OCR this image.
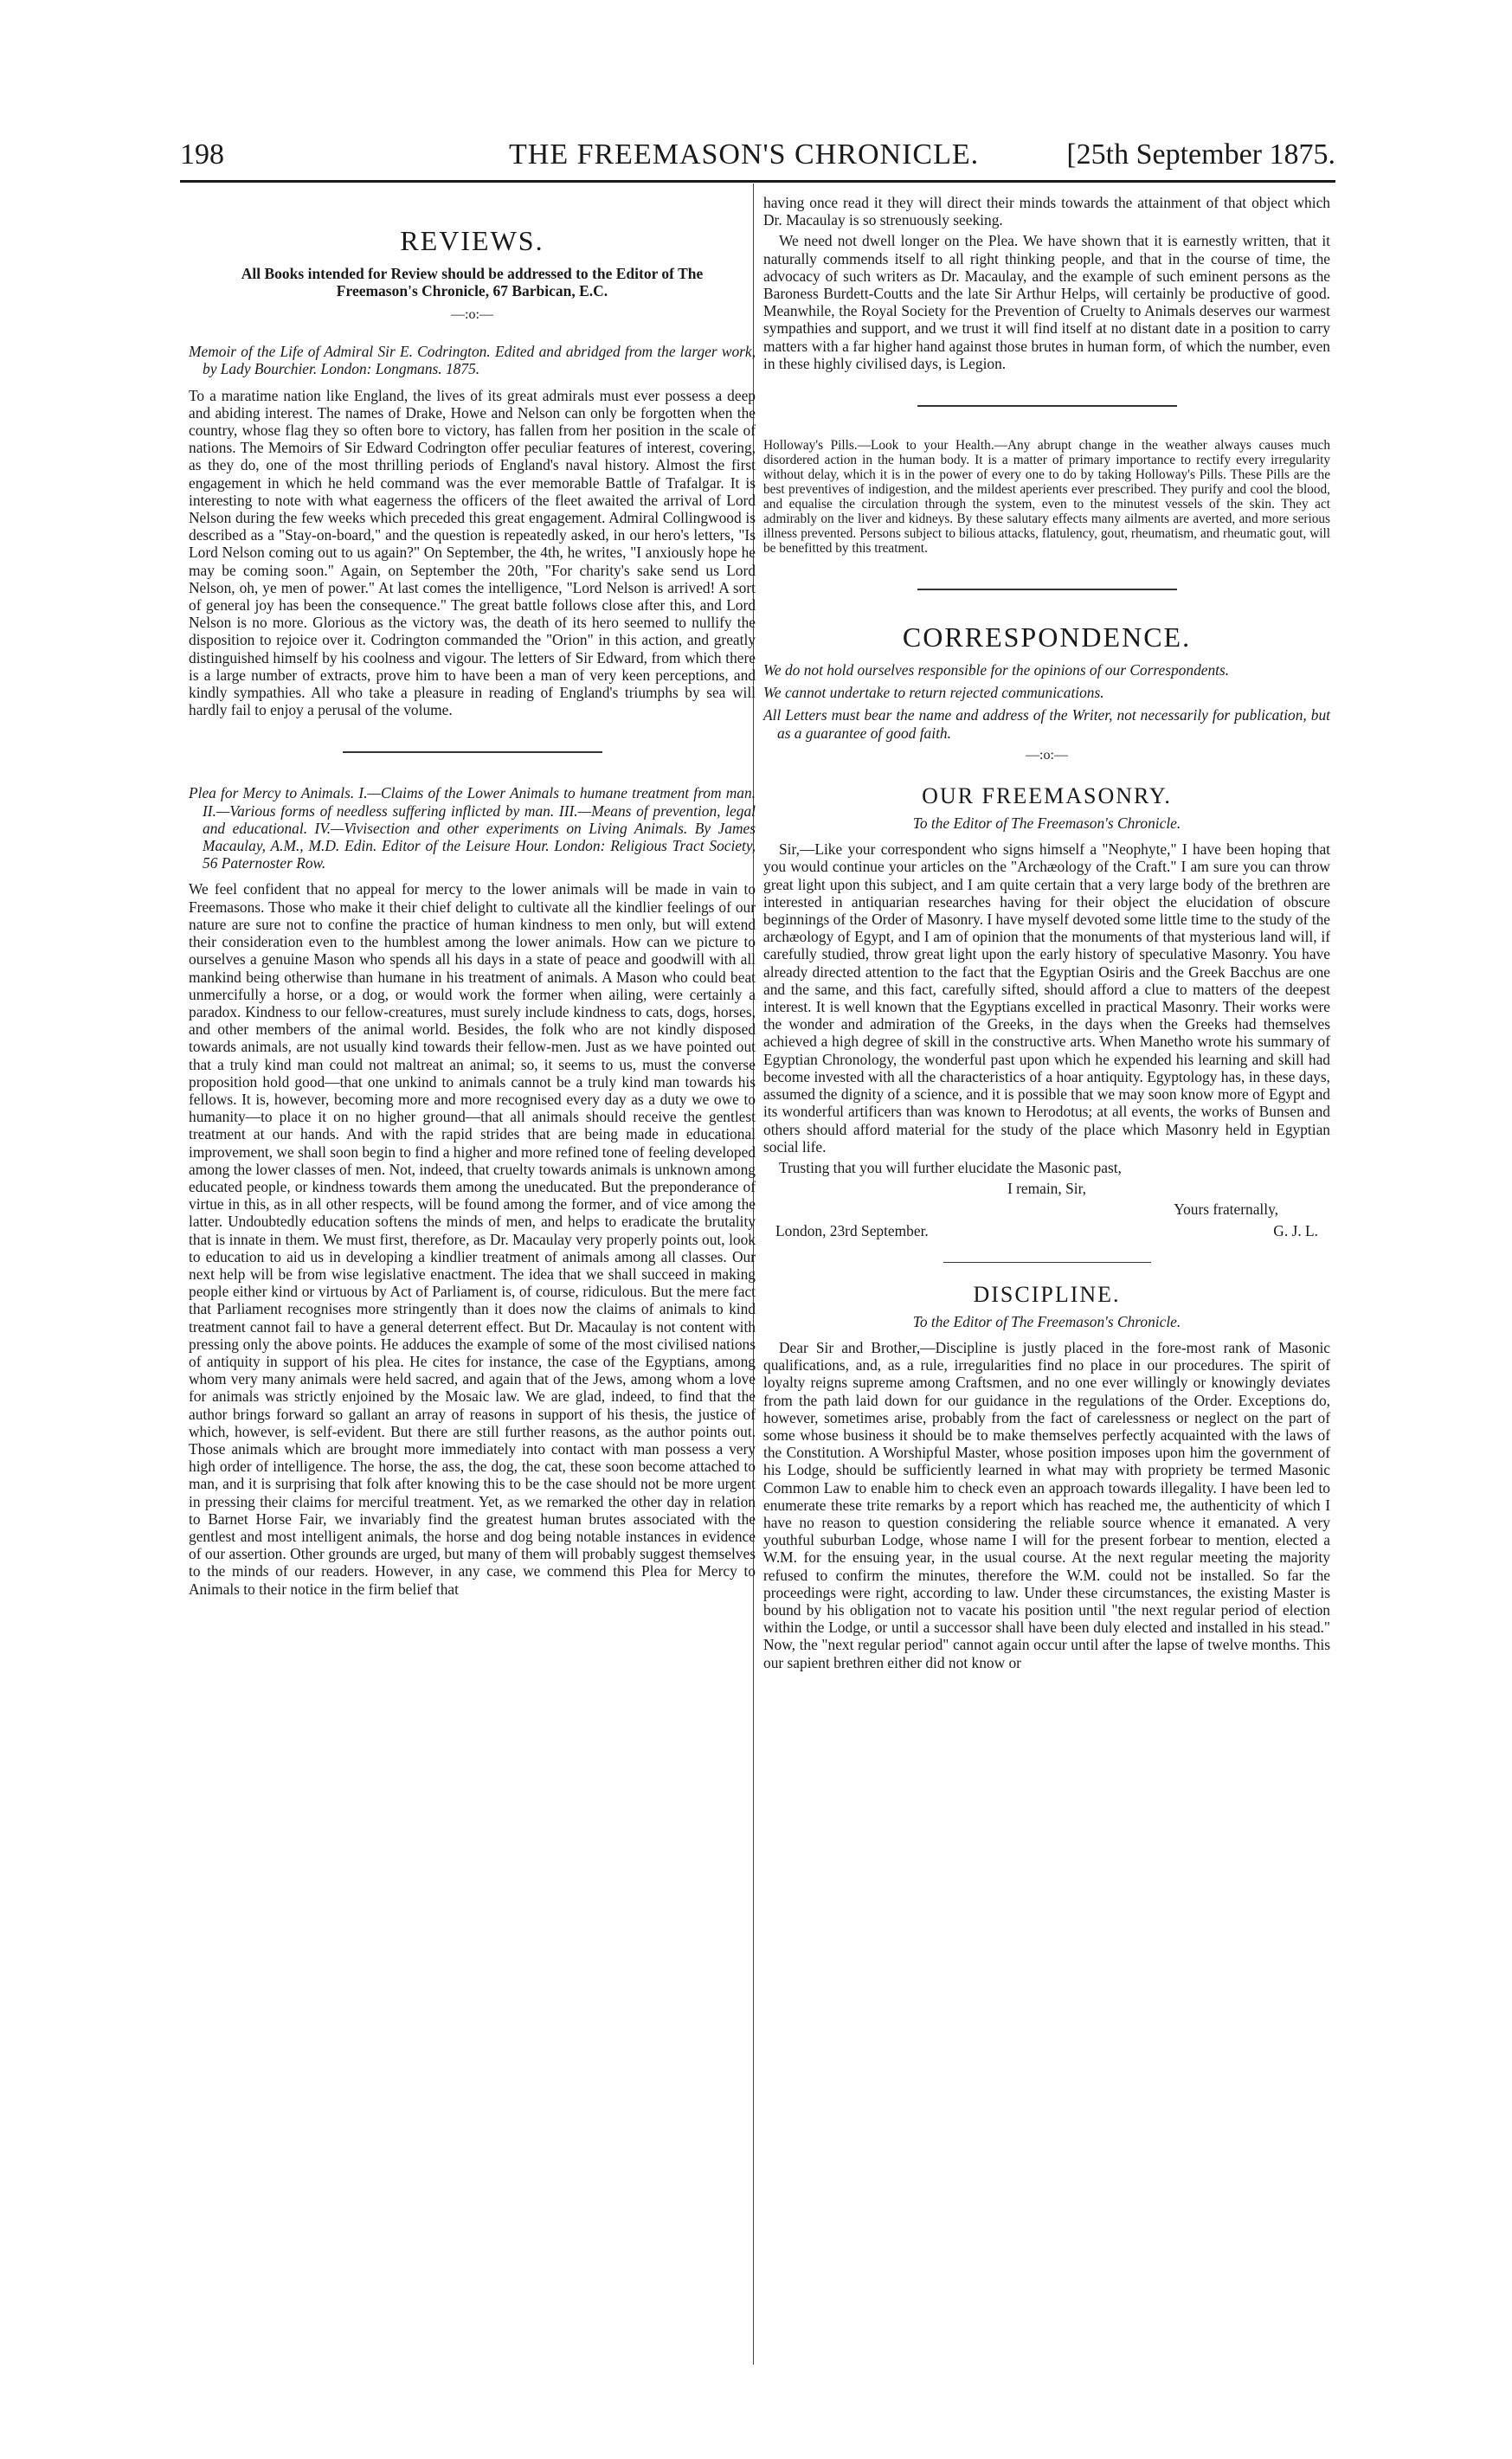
198	THE FREEMASON'S CHRONICLE.	[25th September 1875.
REVIEWS.
All Books intended for Review should be addressed to the Editor of The Freemason's Chronicle, 67 Barbican, E.C.
—:o:—

Memoir of the Life of Admiral Sir E. Codrington. Edited and abridged from the larger work, by Lady Bourchier. London: Longmans. 1875.

To a maratime nation like England, the lives of its great admirals must ever possess a deep and abiding interest. The names of Drake, Howe and Nelson can only be forgotten when the country, whose flag they so often bore to victory, has fallen from her position in the scale of nations. The Memoirs of Sir Edward Codrington offer peculiar features of interest, covering, as they do, one of the most thrilling periods of England's naval history. Almost the first engagement in which he held command was the ever memorable Battle of Trafalgar. It is interesting to note with what eagerness the officers of the fleet awaited the arrival of Lord Nelson during the few weeks which preceded this great engagement. Admiral Collingwood is described as a "Stay-on-board," and the question is repeatedly asked, in our hero's letters, "Is Lord Nelson coming out to us again?" On September, the 4th, he writes, "I anxiously hope he may be coming soon." Again, on September the 20th, "For charity's sake send us Lord Nelson, oh, ye men of power." At last comes the intelligence, "Lord Nelson is arrived! A sort of general joy has been the consequence." The great battle follows close after this, and Lord Nelson is no more. Glorious as the victory was, the death of its hero seemed to nullify the disposition to rejoice over it. Codrington commanded the "Orion" in this action, and greatly distinguished himself by his coolness and vigour. The letters of Sir Edward, from which there is a large number of extracts, prove him to have been a man of very keen perceptions, and kindly sympathies. All who take a pleasure in reading of England's triumphs by sea will hardly fail to enjoy a perusal of the volume.

Plea for Mercy to Animals. I.—Claims of the Lower Animals to humane treatment from man. II.—Various forms of needless suffering inflicted by man. III.—Means of prevention, legal and educational. IV.—Vivisection and other experiments on Living Animals. By James Macaulay, A.M., M.D. Edin. Editor of the Leisure Hour. London: Religious Tract Society, 56 Paternoster Row.

We feel confident that no appeal for mercy to the lower animals will be made in vain to Freemasons. Those who make it their chief delight to cultivate all the kindlier feelings of our nature are sure not to confine the practice of human kindness to men only, but will extend their consideration even to the humblest among the lower animals. How can we picture to ourselves a genuine Mason who spends all his days in a state of peace and goodwill with all mankind being otherwise than humane in his treatment of animals. A Mason who could beat unmercifully a horse, or a dog, or would work the former when ailing, were certainly a paradox. Kindness to our fellow-creatures, must surely include kindness to cats, dogs, horses, and other members of the animal world. Besides, the folk who are not kindly disposed towards animals, are not usually kind towards their fellow-men. Just as we have pointed out that a truly kind man could not maltreat an animal; so, it seems to us, must the converse proposition hold good—that one unkind to animals cannot be a truly kind man towards his fellows. It is, however, becoming more and more recognised every day as a duty we owe to humanity—to place it on no higher ground—that all animals should receive the gentlest treatment at our hands. And with the rapid strides that are being made in educational improvement, we shall soon begin to find a higher and more refined tone of feeling developed among the lower classes of men. Not, indeed, that cruelty towards animals is unknown among educated people, or kindness towards them among the uneducated. But the preponderance of virtue in this, as in all other respects, will be found among the former, and of vice among the latter. Undoubtedly education softens the minds of men, and helps to eradicate the brutality that is innate in them. We must first, therefore, as Dr. Macaulay very properly points out, look to education to aid us in developing a kindlier treatment of animals among all classes. Our next help will be from wise legislative enactment. The idea that we shall succeed in making people either kind or virtuous by Act of Parliament is, of course, ridiculous. But the mere fact that Parliament recognises more stringently than it does now the claims of animals to kind treatment cannot fail to have a general deterrent effect. But Dr. Macaulay is not content with pressing only the above points. He adduces the example of some of the most civilised nations of antiquity in support of his plea. He cites for instance, the case of the Egyptians, among whom very many animals were held sacred, and again that of the Jews, among whom a love for animals was strictly enjoined by the Mosaic law. We are glad, indeed, to find that the author brings forward so gallant an array of reasons in support of his thesis, the justice of which, however, is self-evident. But there are still further reasons, as the author points out. Those animals which are brought more immediately into contact with man possess a very high order of intelligence. The horse, the ass, the dog, the cat, these soon become attached to man, and it is surprising that folk after knowing this to be the case should not be more urgent in pressing their claims for merciful treatment. Yet, as we remarked the other day in relation to Barnet Horse Fair, we invariably find the greatest human brutes associated with the gentlest and most intelligent animals, the horse and dog being notable instances in evidence of our assertion. Other grounds are urged, but many of them will probably suggest themselves to the minds of our readers. However, in any case, we commend this Plea for Mercy to Animals to their notice in the firm belief that

having once read it they will direct their minds towards the attainment of that object which Dr. Macaulay is so strenuously seeking.

We need not dwell longer on the Plea. We have shown that it is earnestly written, that it naturally commends itself to all right thinking people, and that in the course of time, the advocacy of such writers as Dr. Macaulay, and the example of such eminent persons as the Baroness Burdett-Coutts and the late Sir Arthur Helps, will certainly be productive of good. Meanwhile, the Royal Society for the Prevention of Cruelty to Animals deserves our warmest sympathies and support, and we trust it will find itself at no distant date in a position to carry matters with a far higher hand against those brutes in human form, of which the number, even in these highly civilised days, is Legion.

Holloway's Pills.—Look to your Health.—Any abrupt change in the weather always causes much disordered action in the human body. It is a matter of primary importance to rectify every irregularity without delay, which it is in the power of every one to do by taking Holloway's Pills. These Pills are the best preventives of indigestion, and the mildest aperients ever prescribed. They purify and cool the blood, and equalise the circulation through the system, even to the minutest vessels of the skin. They act admirably on the liver and kidneys. By these salutary effects many ailments are averted, and more serious illness prevented. Persons subject to bilious attacks, flatulency, gout, rheumatism, and rheumatic gout, will be benefitted by this treatment.

CORRESPONDENCE.

We do not hold ourselves responsible for the opinions of our Correspondents.

We cannot undertake to return rejected communications.

All Letters must bear the name and address of the Writer, not necessarily for publication, but as a guarantee of good faith.

—:o:—
OUR FREEMASONRY.
To the Editor of The Freemason's Chronicle.

Sir,—Like your correspondent who signs himself a "Neophyte," I have been hoping that you would continue your articles on the "Archæology of the Craft." I am sure you can throw great light upon this subject, and I am quite certain that a very large body of the brethren are interested in antiquarian researches having for their object the elucidation of obscure beginnings of the Order of Masonry. I have myself devoted some little time to the study of the archæology of Egypt, and I am of opinion that the monuments of that mysterious land will, if carefully studied, throw great light upon the early history of speculative Masonry. You have already directed attention to the fact that the Egyptian Osiris and the Greek Bacchus are one and the same, and this fact, carefully sifted, should afford a clue to matters of the deepest interest. It is well known that the Egyptians excelled in practical Masonry. Their works were the wonder and admiration of the Greeks, in the days when the Greeks had themselves achieved a high degree of skill in the constructive arts. When Manetho wrote his summary of Egyptian Chronology, the wonderful past upon which he expended his learning and skill had become invested with all the characteristics of a hoar antiquity. Egyptology has, in these days, assumed the dignity of a science, and it is possible that we may soon know more of Egypt and its wonderful artificers than was known to Herodotus; at all events, the works of Bunsen and others should afford material for the study of the place which Masonry held in Egyptian social life.

Trusting that you will further elucidate the Masonic past,

I remain, Sir,
Yours fraternally,
London, 23rd September.	G. J. L.
DISCIPLINE.
To the Editor of The Freemason's Chronicle.

Dear Sir and Brother,—Discipline is justly placed in the fore-most rank of Masonic qualifications, and, as a rule, irregularities find no place in our procedures. The spirit of loyalty reigns supreme among Craftsmen, and no one ever willingly or knowingly deviates from the path laid down for our guidance in the regulations of the Order. Exceptions do, however, sometimes arise, probably from the fact of carelessness or neglect on the part of some whose business it should be to make themselves perfectly acquainted with the laws of the Constitution. A Worshipful Master, whose position imposes upon him the government of his Lodge, should be sufficiently learned in what may with propriety be termed Masonic Common Law to enable him to check even an approach towards illegality. I have been led to enumerate these trite remarks by a report which has reached me, the authenticity of which I have no reason to question considering the reliable source whence it emanated. A very youthful suburban Lodge, whose name I will for the present forbear to mention, elected a W.M. for the ensuing year, in the usual course. At the next regular meeting the majority refused to confirm the minutes, therefore the W.M. could not be installed. So far the proceedings were right, according to law. Under these circumstances, the existing Master is bound by his obligation not to vacate his position until "the next regular period of election within the Lodge, or until a successor shall have been duly elected and installed in his stead." Now, the "next regular period" cannot again occur until after the lapse of twelve months. This our sapient brethren either did not know or
